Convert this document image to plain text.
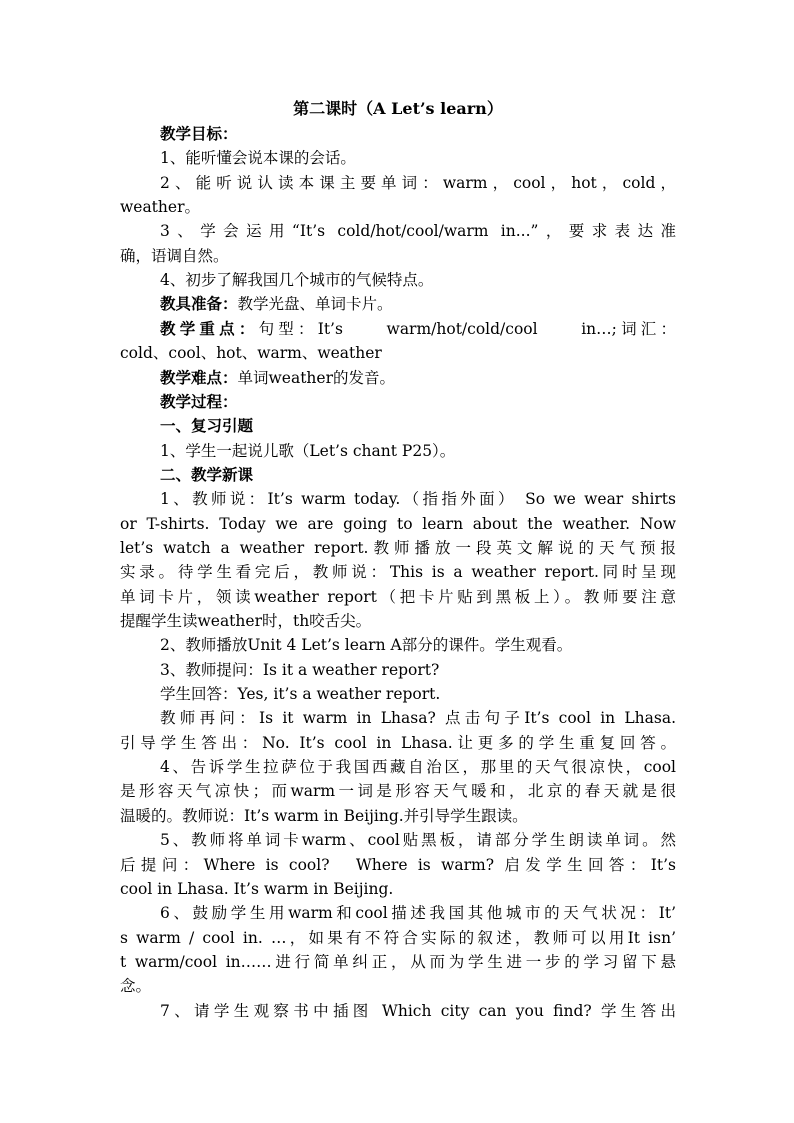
第二课时（A Let’s learn）
教学目标：
1、能听懂会说本课的会话。
2、能听说认读本课主要单词：warm，cool，hot，cold，
weather。
3、学会运用“It’s cold/hot/cool/warm in...”，要求表达准
确，语调自然。
4、初步了解我国几个城市的气候特点。
教具准备：教学光盘、单词卡片。
教学重点：句型：It’s　　warm/hot/cold/cool　　in…;词汇：
cold、cool、hot、warm、weather
教学难点：单词weather的发音。
教学过程：
一、复习引题
1、学生一起说儿歌（Let’s chant P25）。
二、教学新课
1、教师说：It’s warm today.（指指外面） So we wear shirts
or T-shirts. Today we are going to learn about the weather. Now
let’s watch a weather report.教师播放一段英文解说的天气预报
实录。待学生看完后，教师说：This is a weather report.同时呈现
单词卡片，领读weather report（把卡片贴到黑板上）。教师要注意
提醒学生读weather时，th咬舌尖。
2、教师播放Unit 4 Let’s learn A部分的课件。学生观看。
3、教师提问：Is it a weather report?
学生回答：Yes, it’s a weather report.
教师再问：Is it warm in Lhasa? 点击句子It’s cool in Lhasa.
引导学生答出：No. It’s cool in Lhasa.让更多的学生重复回答。
4、告诉学生拉萨位于我国西藏自治区，那里的天气很凉快，cool
是形容天气凉快；而warm一词是形容天气暖和，北京的春天就是很
温暖的。教师说：It’s warm in Beijing.并引导学生跟读。
5、教师将单词卡warm、cool贴黑板，请部分学生朗读单词。然
后提问：Where is cool?　Where is warm? 启发学生回答：It’s
cool in Lhasa. It’s warm in Beijing.
6、鼓励学生用warm和cool描述我国其他城市的天气状况：It’
s warm / cool in. …，如果有不符合实际的叙述，教师可以用It isn’
t warm/cool in……进行简单纠正，从而为学生进一步的学习留下悬
念。
7、请学生观察书中插图 Which city can you find? 学生答出
